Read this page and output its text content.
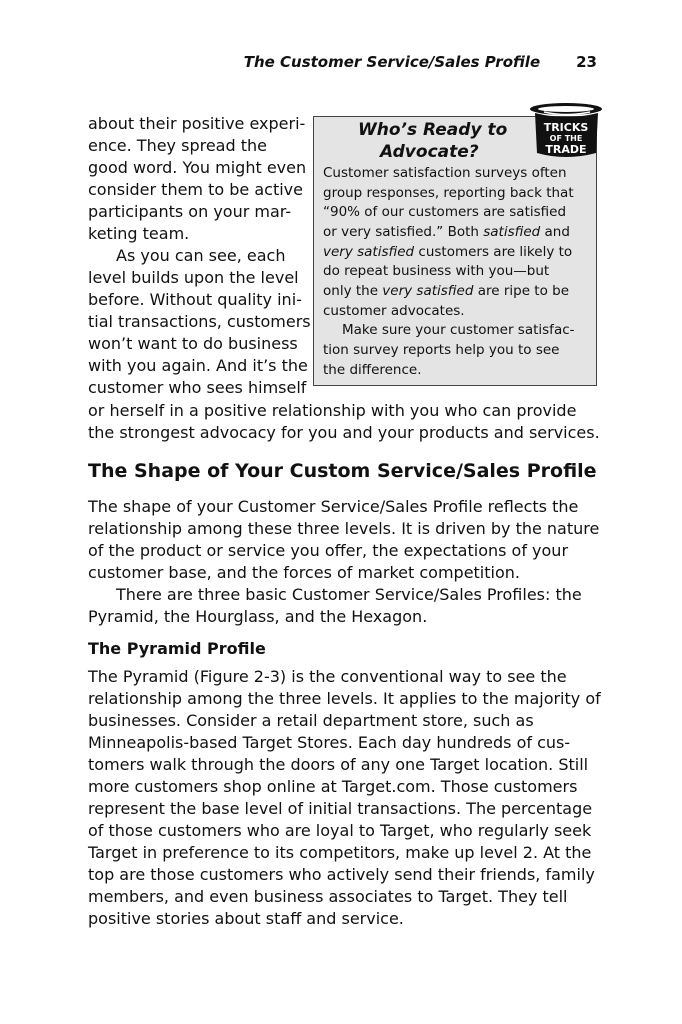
The Customer Service/Sales Profile 23
about their positive experi-
ence. They spread the
good word. You might even
consider them to be active
participants on your mar-
keting team.
As you can see, each
level builds upon the level
before. Without quality ini-
tial transactions, customers
won’t want to do business
with you again. And it’s the
customer who sees himself
or herself in a positive relationship with you who can provide
the strongest advocacy for you and your products and services.
Who’s Ready to
Advocate?
Customer satisfaction surveys often
group responses, reporting back that
“90% of our customers are satisfied
or very satisfied.” Both satisfied and
very satisfied customers are likely to
do repeat business with you—but
only the very satisfied are ripe to be
customer advocates.
Make sure your customer satisfac-
tion survey reports help you to see
the difference.
TRICKS
OF THE
TRADE
The Shape of Your Custom Service/Sales Profile
The shape of your Customer Service/Sales Profile reflects the
relationship among these three levels. It is driven by the nature
of the product or service you offer, the expectations of your
customer base, and the forces of market competition.
There are three basic Customer Service/Sales Profiles: the
Pyramid, the Hourglass, and the Hexagon.
The Pyramid Profile
The Pyramid (Figure 2-3) is the conventional way to see the
relationship among the three levels. It applies to the majority of
businesses. Consider a retail department store, such as
Minneapolis-based Target Stores. Each day hundreds of cus-
tomers walk through the doors of any one Target location. Still
more customers shop online at Target.com. Those customers
represent the base level of initial transactions. The percentage
of those customers who are loyal to Target, who regularly seek
Target in preference to its competitors, make up level 2. At the
top are those customers who actively send their friends, family
members, and even business associates to Target. They tell
positive stories about staff and service.
